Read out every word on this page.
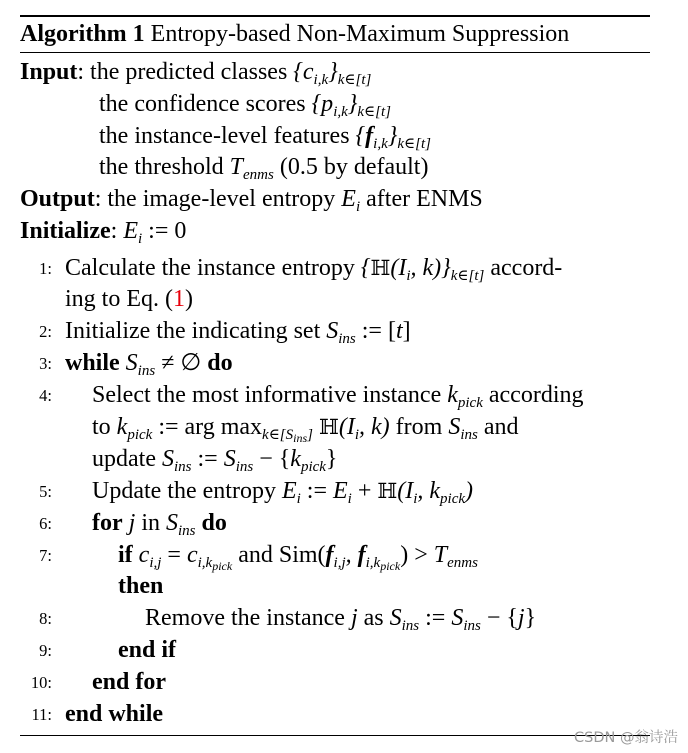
Algorithm 1 Entropy-based Non-Maximum Suppression
Input: the predicted classes $\{c_{i,k}\}_{k\in[t]}$
the confidence scores $\{p_{i,k}\}_{k\in[t]}$
the instance-level features $\{f_{i,k}\}_{k\in[t]}$
the threshold $T_{enms}$ (0.5 by default)
Output: the image-level entropy $E_i$ after ENMS
Initialize: $E_i$ := 0
1: Calculate the instance entropy {$ℍ(I_i$, $k)\}_{k\in[t]}$ accord-
ing to Eq. (1)
2: Initialize the indicating set $S_{ins}$ := [t]
3: while $S_{ins}$ ≠ ∅ do
4: Select the most informative instance $k_{pick}$ according
to $k_{pick}$ := arg $\max_{k\in[S_{ins}]}$ $ℍ(I_i$, k) from $S_{ins}$ and
update $S_{ins}$ := $S_{ins} - \{k_{pick}\}$
5: Update the entropy $E_i$ := $E_i$ + $ℍ(I_i$, $k_{pick}$)
6: for j in $S_{ins}$ do
7:	if $c_{i,j} = c_{i,k_{pick}}$ and $Sim(f_{i,j}$, $f_{i,k_{pick}}) > T_{enms}$
then
8:	Remove the instance j as $S_{ins}$ := $S_{ins} - \{j\}$
9:	end if
10: end for
11: end while
CSDN @翁诗浩
